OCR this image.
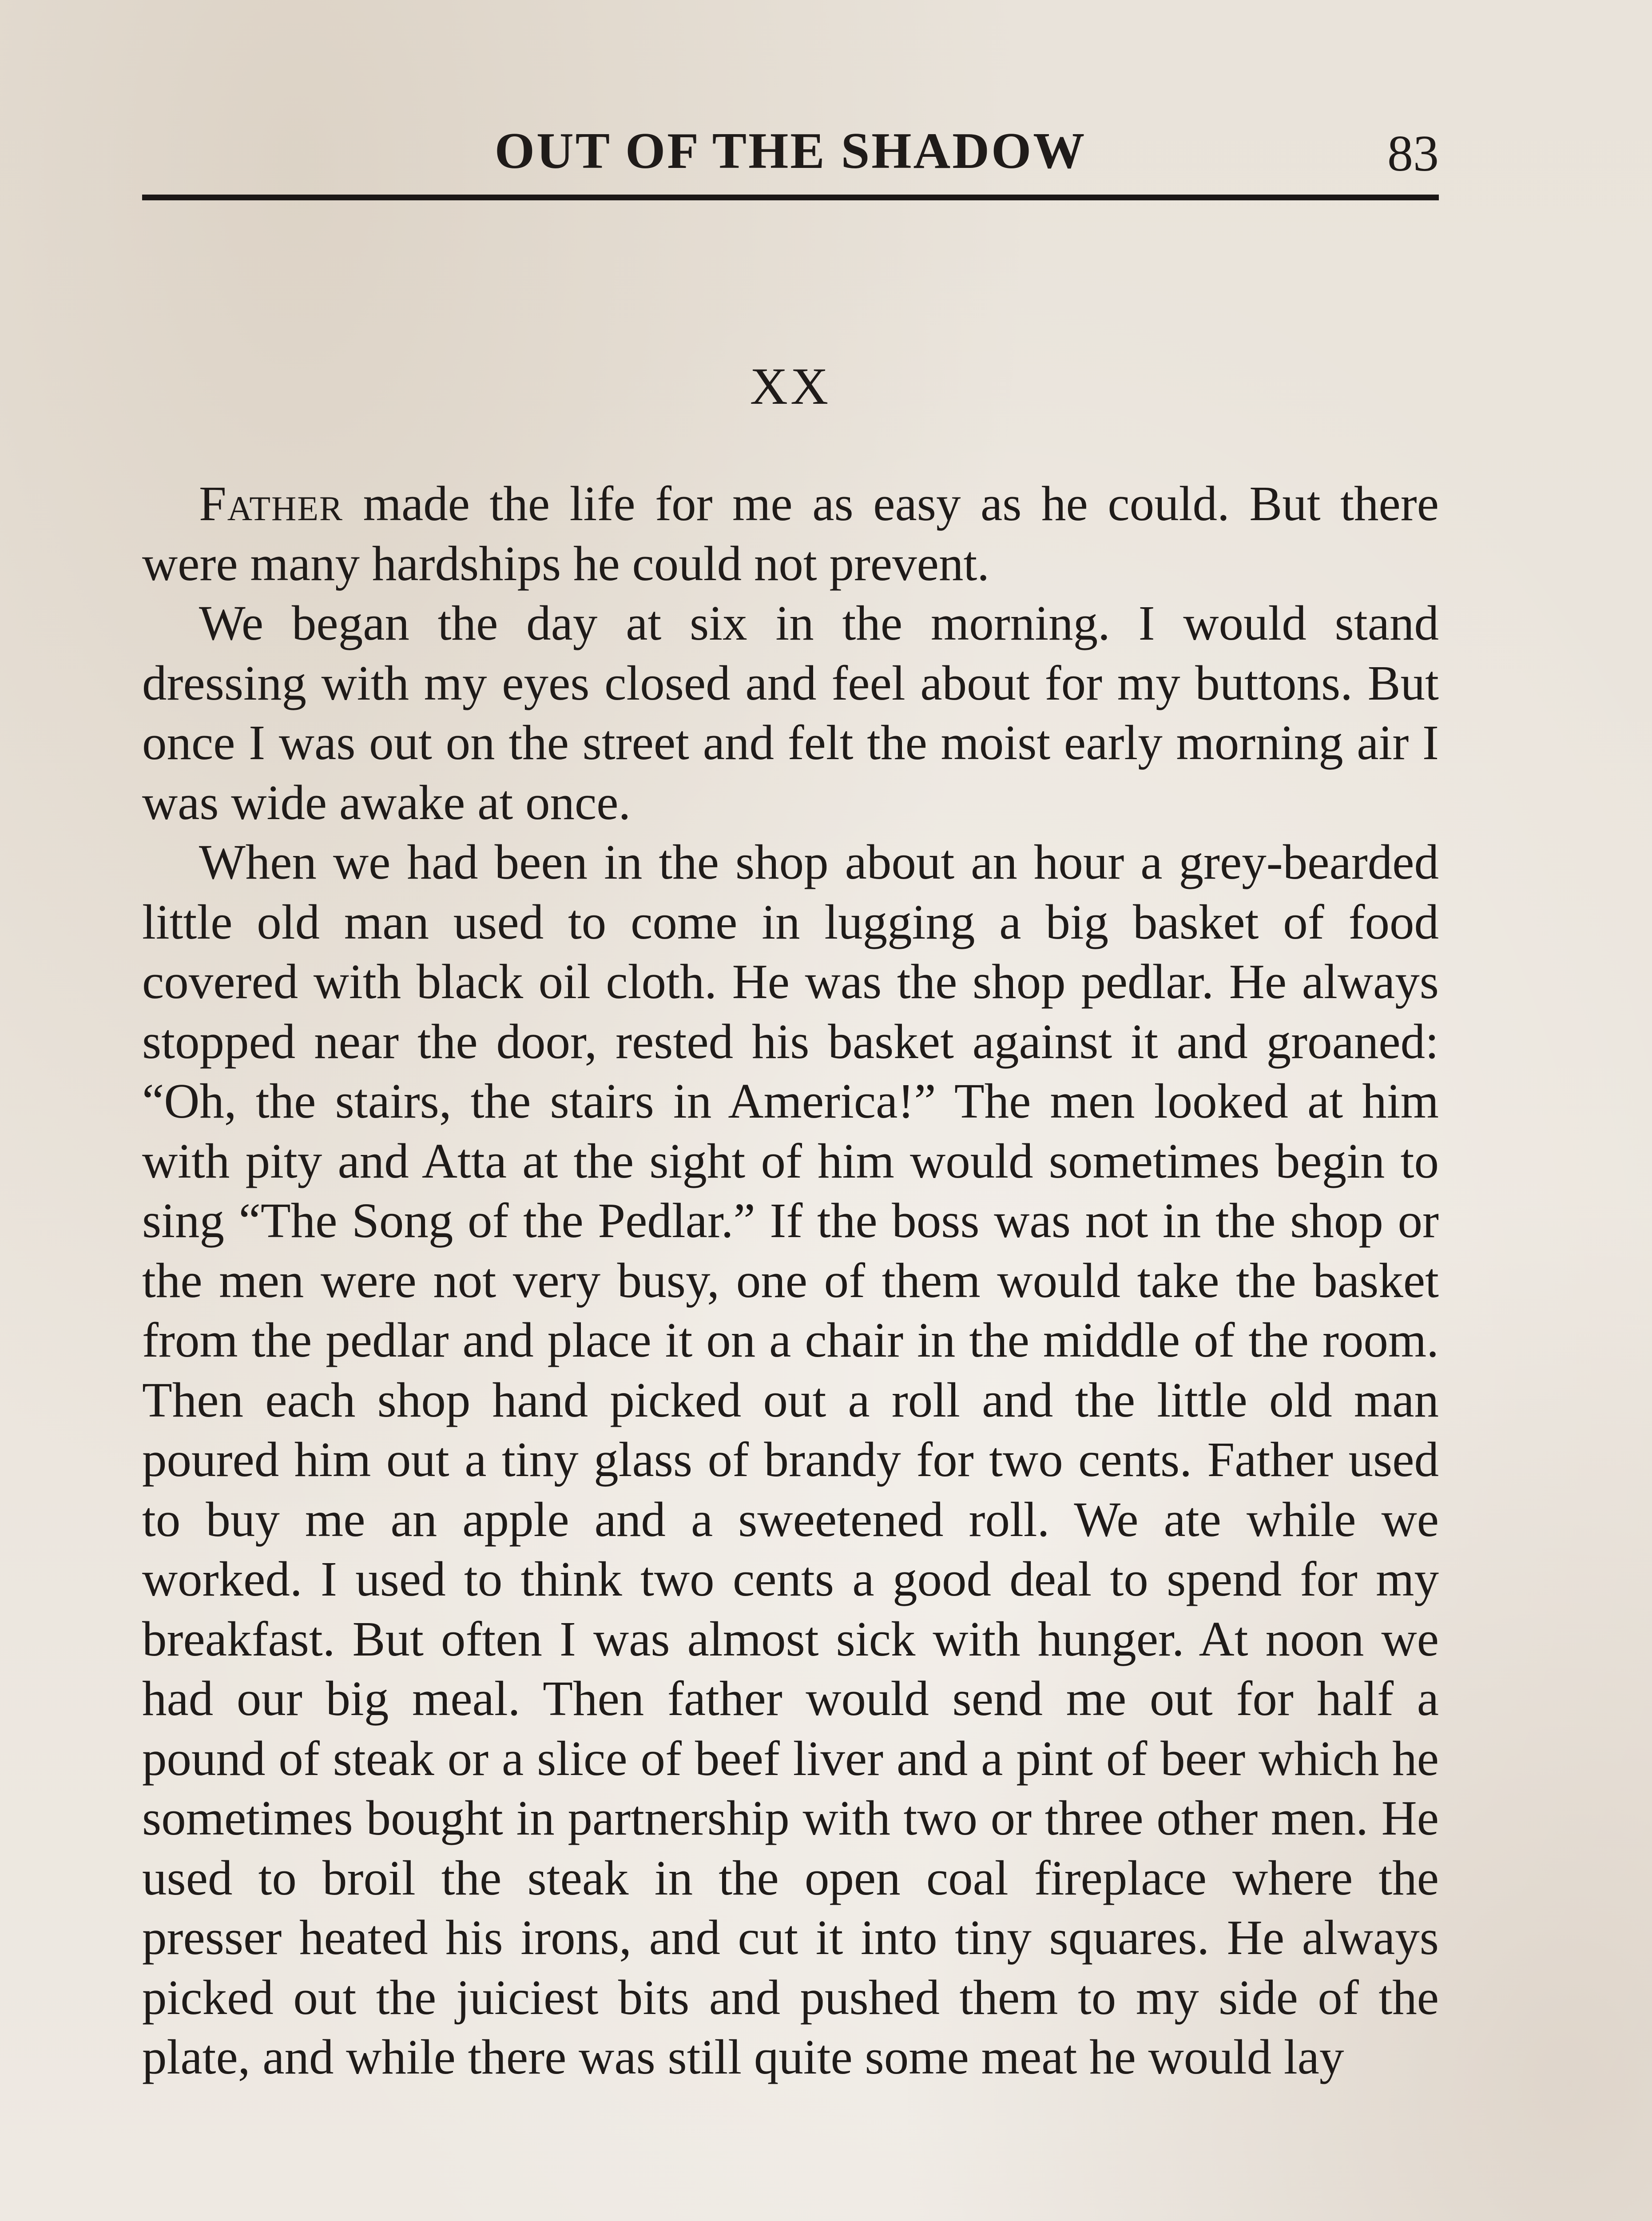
OUT OF THE SHADOW	83
XX

Father made the life for me as easy as he could. But there were many hardships he could not prevent.

We began the day at six in the morning. I would stand dressing with my eyes closed and feel about for my buttons. But once I was out on the street and felt the moist early morning air I was wide awake at once.

When we had been in the shop about an hour a grey-bearded little old man used to come in lugging a big basket of food covered with black oil cloth. He was the shop pedlar. He always stopped near the door, rested his basket against it and groaned: “Oh, the stairs, the stairs in America!” The men looked at him with pity and Atta at the sight of him would sometimes begin to sing “The Song of the Pedlar.” If the boss was not in the shop or the men were not very busy, one of them would take the basket from the pedlar and place it on a chair in the middle of the room. Then each shop hand picked out a roll and the little old man poured him out a tiny glass of brandy for two cents. Father used to buy me an apple and a sweetened roll. We ate while we worked. I used to think two cents a good deal to spend for my breakfast. But often I was almost sick with hunger. At noon we had our big meal. Then father would send me out for half a pound of steak or a slice of beef liver and a pint of beer which he sometimes bought in partnership with two or three other men. He used to broil the steak in the open coal fireplace where the presser heated his irons, and cut it into tiny squares. He always picked out the juiciest bits and pushed them to my side of the plate, and while there was still quite some meat he would lay
